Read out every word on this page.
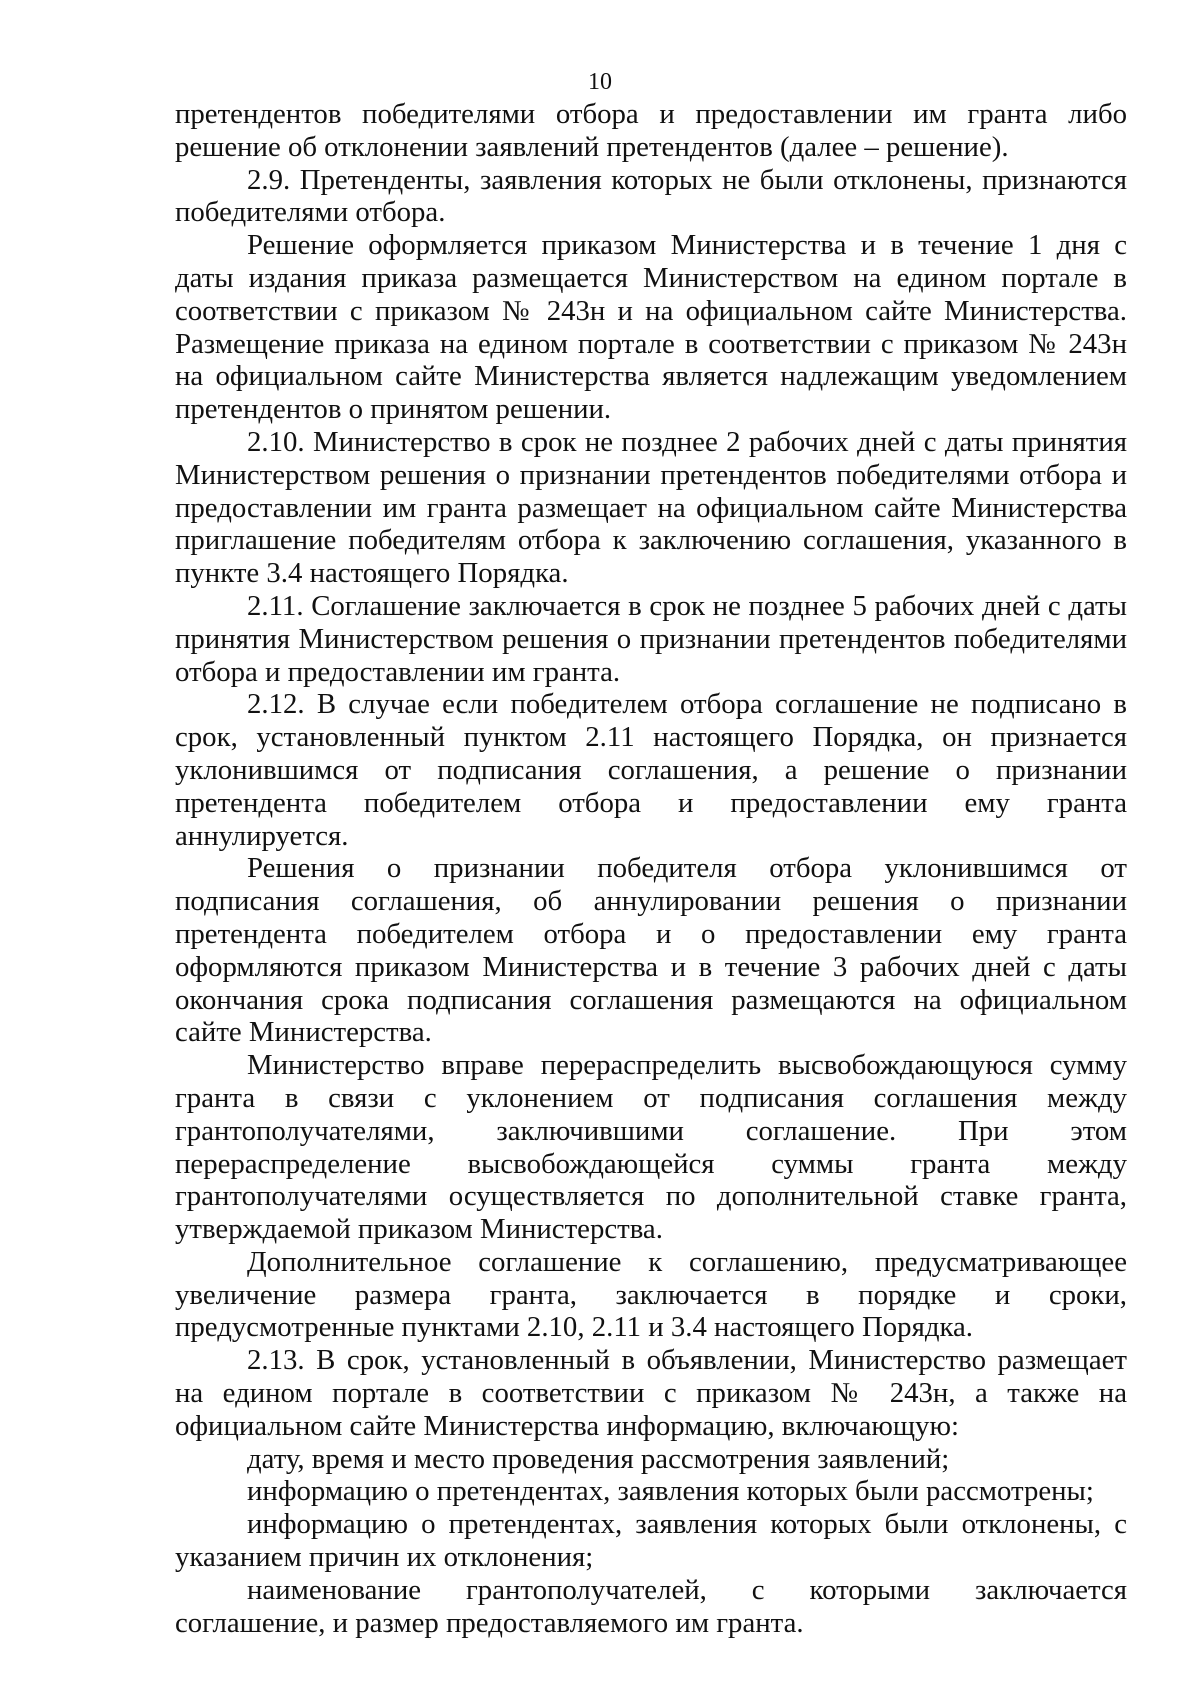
10

претендентов победителями отбора и предоставлении им гранта либо решение об отклонении заявлений претендентов (далее – решение).

2.9. Претенденты, заявления которых не были отклонены, признаются победителями отбора.

Решение оформляется приказом Министерства и в течение 1 дня с даты издания приказа размещается Министерством на едином портале в соответствии с приказом № 243н и на официальном сайте Министерства. Размещение приказа на едином портале в соответствии с приказом № 243н на официальном сайте Министерства является надлежащим уведомлением претендентов о принятом решении.

2.10. Министерство в срок не позднее 2 рабочих дней с даты принятия Министерством решения о признании претендентов победителями отбора и предоставлении им гранта размещает на официальном сайте Министерства приглашение победителям отбора к заключению соглашения, указанного в пункте 3.4 настоящего Порядка.

2.11. Соглашение заключается в срок не позднее 5 рабочих дней с даты принятия Министерством решения о признании претендентов победителями отбора и предоставлении им гранта.

2.12. В случае если победителем отбора соглашение не подписано в срок, установленный пунктом 2.11 настоящего Порядка, он признается уклонившимся от подписания соглашения, а решение о признании претендента победителем отбора и предоставлении ему гранта аннулируется.

Решения о признании победителя отбора уклонившимся от подписания соглашения, об аннулировании решения о признании претендента победителем отбора и о предоставлении ему гранта оформляются приказом Министерства и в течение 3 рабочих дней с даты окончания срока подписания соглашения размещаются на официальном сайте Министерства.

Министерство вправе перераспределить высвобождающуюся сумму гранта в связи с уклонением от подписания соглашения между грантополучателями, заключившими соглашение. При этом перераспределение высвобождающейся суммы гранта между грантополучателями осуществляется по дополнительной ставке гранта, утверждаемой приказом Министерства.

Дополнительное соглашение к соглашению, предусматривающее увеличение размера гранта, заключается в порядке и сроки, предусмотренные пунктами 2.10, 2.11 и 3.4 настоящего Порядка.

2.13. В срок, установленный в объявлении, Министерство размещает на едином портале в соответствии с приказом № 243н, а также на официальном сайте Министерства информацию, включающую:

дату, время и место проведения рассмотрения заявлений;

информацию о претендентах, заявления которых были рассмотрены;

информацию о претендентах, заявления которых были отклонены, с указанием причин их отклонения;

наименование грантополучателей, с которыми заключается соглашение, и размер предоставляемого им гранта.
